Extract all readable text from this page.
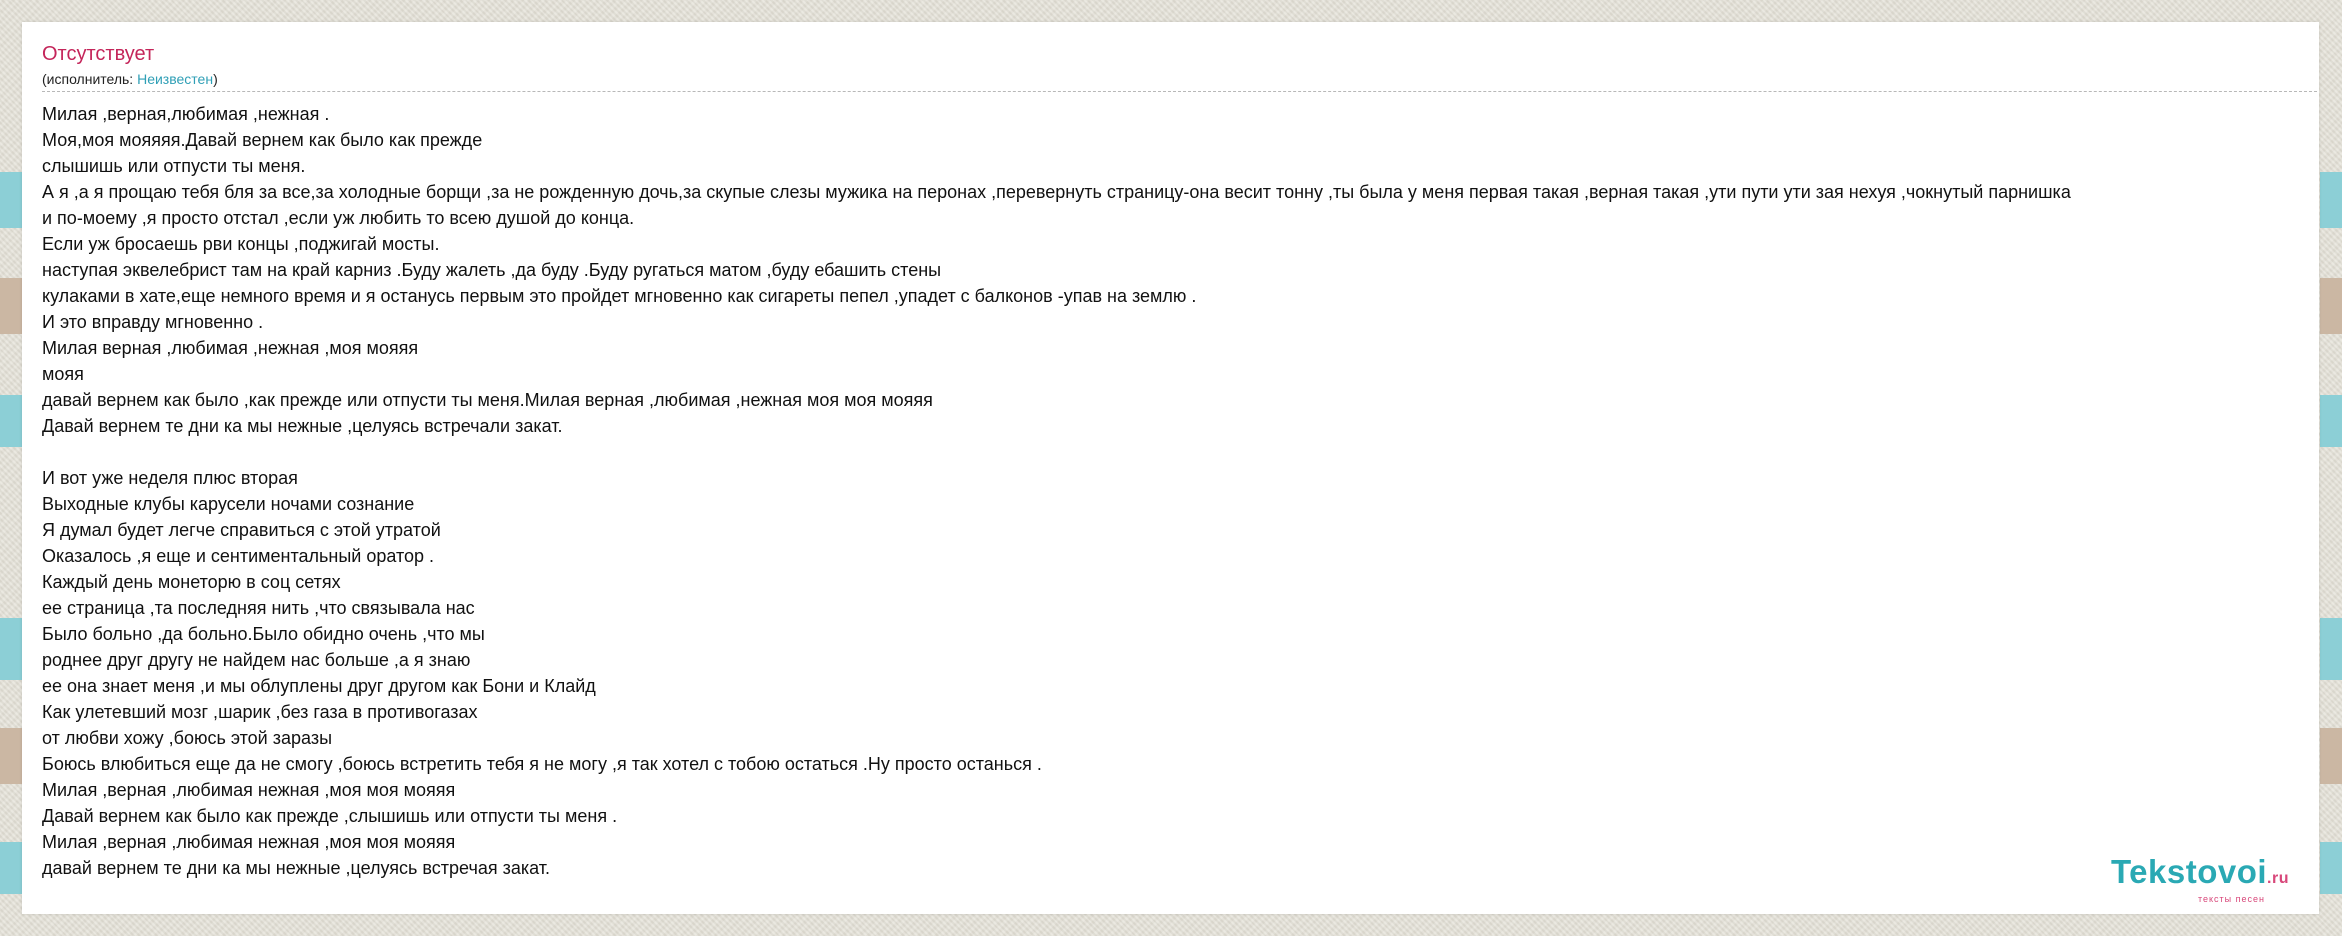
Отсутствует
(исполнитель: Неизвестен)
Милая ,верная,любимая ,нежная .
Моя,моя мояяяя.Давай вернем как было как прежде
слышишь или отпусти ты меня.
А я ,а я прощаю тебя бля за все,за холодные борщи ,за не рожденную дочь,за скупые слезы мужика на перонах ,перевернуть страницу-она весит тонну ,ты была у меня первая такая ,верная такая ,ути пути ути зая нехуя ,чокнутый парнишка
и по-моему ,я просто отстал ,если уж любить то всею душой до конца.
Если уж бросаешь рви концы ,поджигай мосты.
наступая эквелебрист там на край карниз .Буду жалеть ,да буду .Буду ругаться матом ,буду ебашить стены
кулаками в хате,еще немного время и я останусь первым это пройдет мгновенно как сигареты пепел ,упадет с балконов -упав на землю .
И это вправду мгновенно .
Милая верная ,любимая ,нежная ,моя мояяя
мояя
давай вернем как было ,как прежде или отпусти ты меня.Милая верная ,любимая ,нежная моя моя мояяя
Давай вернем те дни ка мы нежные ,целуясь встречали закат.

И вот уже неделя плюс вторая
Выходные клубы карусели ночами сознание
Я думал будет легче справиться с этой утратой
Оказалось ,я еще и сентиментальный оратор .
Каждый день монеторю в соц сетях
ее страница ,та последняя нить ,что связывала нас
Было больно ,да больно.Было обидно очень ,что мы
роднее друг другу не найдем нас больше ,а я знаю
ее она знает меня ,и мы облуплены друг другом как Бони и Клайд
Как улетевший мозг ,шарик ,без газа в противогазах
от любви хожу ,боюсь этой заразы
Боюсь влюбиться еще да не смогу ,боюсь встретить тебя я не могу ,я так хотел с тобою остаться .Ну просто останься .
Милая ,верная ,любимая нежная ,моя моя мояяя
Давай вернем как было как прежде ,слышишь или отпусти ты меня .
Милая ,верная ,любимая нежная ,моя моя мояяя
давай вернем те дни ка мы нежные ,целуясь встречая закат.	Tekstovoi.ru
тексты песен
